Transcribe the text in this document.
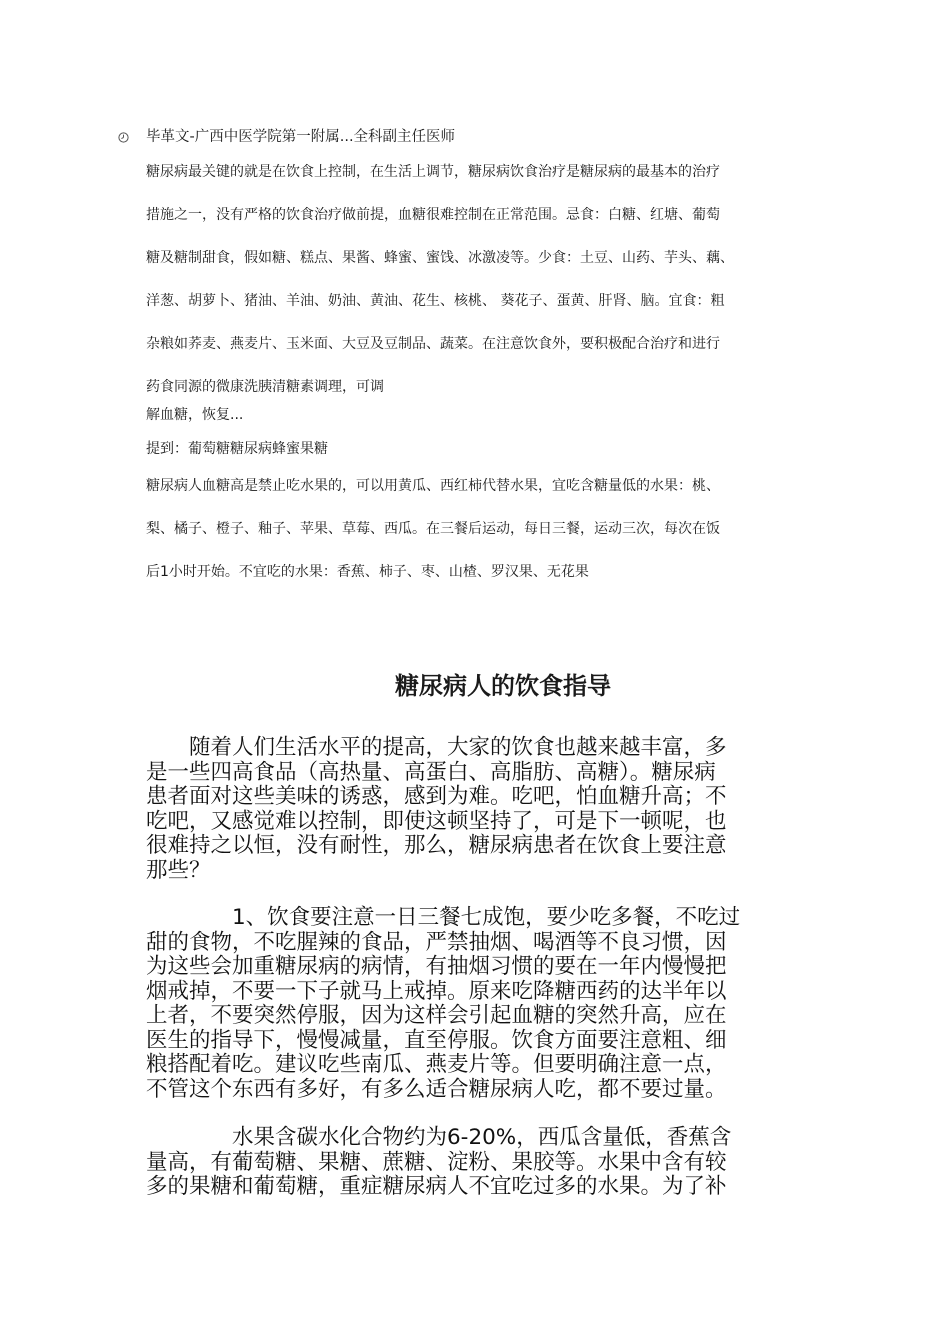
毕革文-广西中医学院第一附属...全科副主任医师
糖尿病最关键的就是在饮食上控制，在生活上调节，糖尿病饮食治疗是糖尿病的最基本的治疗
措施之一，没有严格的饮食治疗做前提，血糖很难控制在正常范围。忌食：白糖、红塘、葡萄
糖及糖制甜食，假如糖、糕点、果酱、蜂蜜、蜜饯、冰激凌等。少食：土豆、山药、芋头、藕、
洋葱、胡萝卜、猪油、羊油、奶油、黄油、花生、核桃、 葵花子、蛋黄、肝肾、脑。宜食：粗
杂粮如荞麦、燕麦片、玉米面、大豆及豆制品、蔬菜。在注意饮食外，要积极配合治疗和进行
药食同源的微康洗胰清糖素调理，可调
解血糖，恢复...
提到：葡萄糖糖尿病蜂蜜果糖
糖尿病人血糖高是禁止吃水果的，可以用黄瓜、西红柿代替水果，宜吃含糖量低的水果：桃、
梨、橘子、橙子、釉子、苹果、草莓、西瓜。在三餐后运动，每日三餐，运动三次，每次在饭
后1小时开始。不宜吃的水果：香蕉、柿子、枣、山楂、罗汉果、无花果
糖尿病人的饮食指导
　　随着人们生活水平的提高，大家的饮食也越来越丰富，多
是一些四高食品（高热量、高蛋白、高脂肪、高糖）。糖尿病
患者面对这些美味的诱惑，感到为难。吃吧，怕血糖升高；不
吃吧，又感觉难以控制，即使这顿坚持了，可是下一顿呢，也
很难持之以恒，没有耐性，那么，糖尿病患者在饮食上要注意
那些？
　　　　1、饮食要注意一日三餐七成饱，要少吃多餐，不吃过
甜的食物，不吃腥辣的食品，严禁抽烟、喝酒等不良习惯，因
为这些会加重糖尿病的病情，有抽烟习惯的要在一年内慢慢把
烟戒掉，不要一下子就马上戒掉。原来吃降糖西药的达半年以
上者，不要突然停服，因为这样会引起血糖的突然升高，应在
医生的指导下，慢慢减量，直至停服。饮食方面要注意粗、细
粮搭配着吃。建议吃些南瓜、燕麦片等。但要明确注意一点，
不管这个东西有多好，有多么适合糖尿病人吃，都不要过量。
　　　　水果含碳水化合物约为6-20%，西瓜含量低，香蕉含
量高，有葡萄糖、果糖、蔗糖、淀粉、果胶等。水果中含有较
多的果糖和葡萄糖，重症糖尿病人不宜吃过多的水果。为了补
